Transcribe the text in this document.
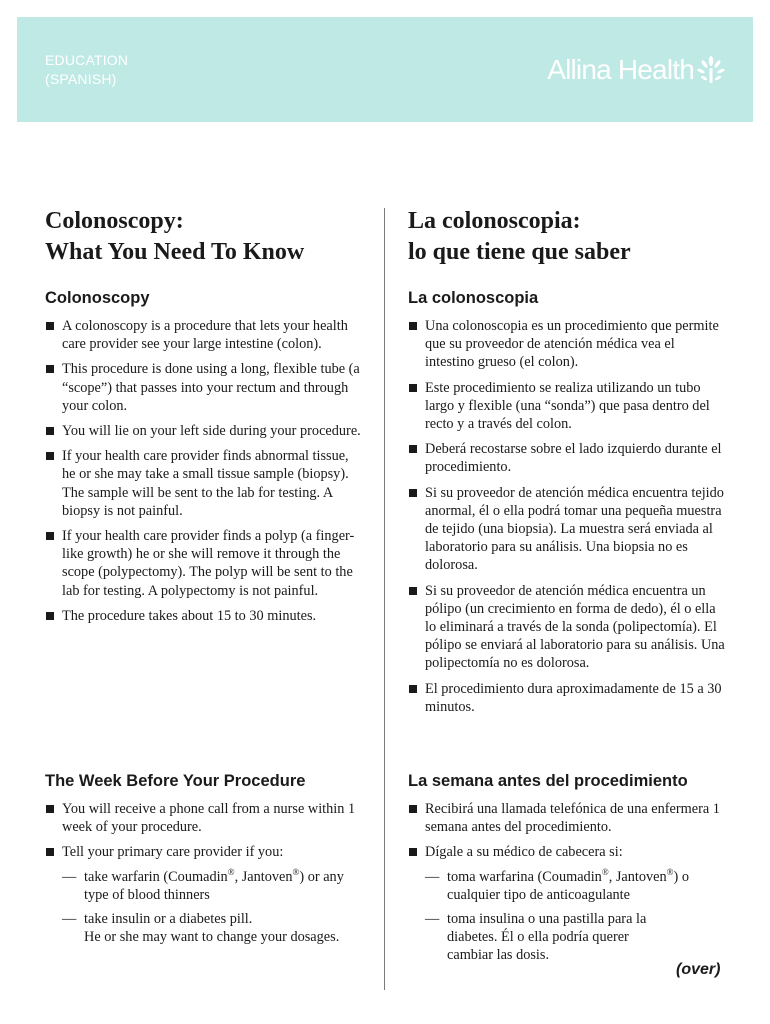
EDUCATION
(SPANISH)	Allina Health
Colonoscopy:
What You Need To Know
Colonoscopy
A colonoscopy is a procedure that lets your health care provider see your large intestine (colon).
This procedure is done using a long, flexible tube (a “scope”) that passes into your rectum and through your colon.
You will lie on your left side during your procedure.
If your health care provider finds abnormal tissue, he or she may take a small tissue sample (biopsy). The sample will be sent to the lab for testing. A biopsy is not painful.
If your health care provider finds a polyp (a finger-like growth) he or she will remove it through the scope (polypectomy). The polyp will be sent to the lab for testing. A polypectomy is not painful.
The procedure takes about 15 to 30 minutes.
La colonoscopia:
lo que tiene que saber
La colonoscopia
Una colonoscopia es un procedimiento que permite que su proveedor de atención médica vea el intestino grueso (el colon).
Este procedimiento se realiza utilizando un tubo largo y flexible (una “sonda”) que pasa dentro del recto y a través del colon.
Deberá recostarse sobre el lado izquierdo durante el procedimiento.
Si su proveedor de atención médica encuentra tejido anormal, él o ella podrá tomar una pequeña muestra de tejido (una biopsia). La muestra será enviada al laboratorio para su análisis. Una biopsia no es dolorosa.
Si su proveedor de atención médica encuentra un pólipo (un crecimiento en forma de dedo), él o ella lo eliminará a través de la sonda (polipectomía). El pólipo se enviará al laboratorio para su análisis. Una polipectomía no es dolorosa.
El procedimiento dura aproximadamente de 15 a 30 minutos.
The Week Before Your Procedure
You will receive a phone call from a nurse within 1 week of your procedure.
Tell your primary care provider if you:
— take warfarin (Coumadin®, Jantoven®) or any type of blood thinners
— take insulin or a diabetes pill.
He or she may want to change your dosages.
La semana antes del procedimiento
Recibirá una llamada telefónica de una enfermera 1 semana antes del procedimiento.
Dígale a su médico de cabecera si:
— toma warfarina (Coumadin®, Jantoven®) o cualquier tipo de anticoagulante
— toma insulina o una pastilla para la diabetes. Él o ella podría querer cambiar las dosis.
(over)
